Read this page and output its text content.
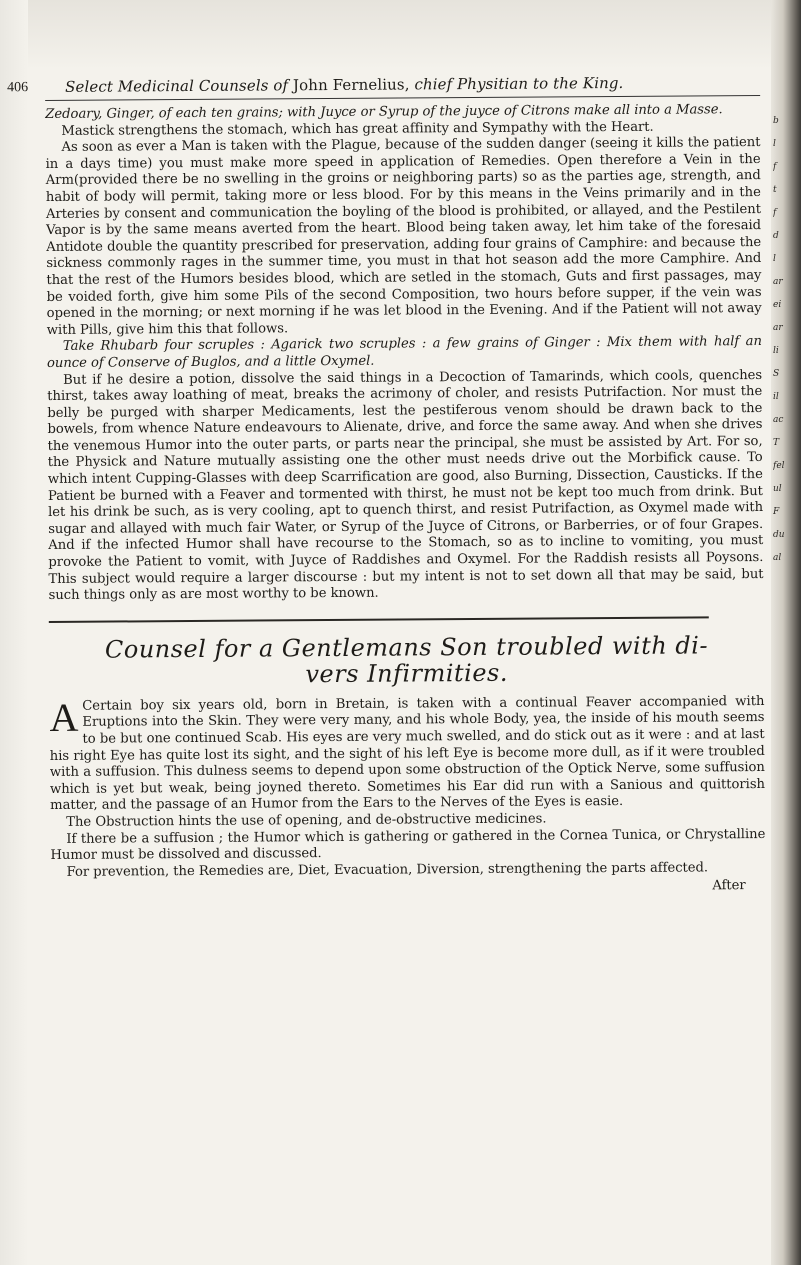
b
l
f
t
f
d
l
ar
ei
ar
li
S
il
ac
T
fel
ul
F
du
al
406 Select Medicinal Counsels of John Fernelius, chief Physitian to the King.

Zedoary, Ginger, of each ten grains; with Juyce or Syrup of the juyce of Citrons make all into a Masse.

Mastick strengthens the stomach, which has great affinity and Sympathy with the Heart.

As soon as ever a Man is taken with the Plague, because of the sudden danger (seeing it kills the patient in a days time) you must make more speed in application of Remedies. Open therefore a Vein in the Arm(provided there be no swelling in the groins or neighboring parts) so as the parties age, strength, and habit of body will permit, taking more or less blood. For by this means in the Veins primarily and in the Arteries by consent and communication the boyling of the blood is prohibited, or allayed, and the Pestilent Vapor is by the same means averted from the heart. Blood being taken away, let him take of the foresaid Antidote double the quantity prescribed for preservation, adding four grains of Camphire: and because the sickness commonly rages in the summer time, you must in that hot season add the more Camphire. And that the rest of the Humors besides blood, which are setled in the stomach, Guts and first passages, may be voided forth, give him some Pils of the second Composition, two hours before supper, if the vein was opened in the morning; or next morning if he was let blood in the Evening. And if the Patient will not away with Pills, give him this that follows.

Take Rhubarb four scruples : Agarick two scruples : a few grains of Ginger : Mix them with half an ounce of Conserve of Buglos, and a little Oxymel.

But if he desire a potion, dissolve the said things in a Decoction of Tamarinds, which cools, quenches thirst, takes away loathing of meat, breaks the acrimony of choler, and resists Putrifaction. Nor must the belly be purged with sharper Medicaments, lest the pestiferous venom should be drawn back to the bowels, from whence Nature endeavours to Alienate, drive, and force the same away. And when she drives the venemous Humor into the outer parts, or parts near the principal, she must be assisted by Art. For so, the Physick and Nature mutually assisting one the other must needs drive out the Morbifick cause. To which intent Cupping-Glasses with deep Scarrification are good, also Burning, Dissection, Causticks. If the Patient be burned with a Feaver and tormented with thirst, he must not be kept too much from drink. But let his drink be such, as is very cooling, apt to quench thirst, and resist Putrifaction, as Oxymel made with sugar and allayed with much fair Water, or Syrup of the Juyce of Citrons, or Barberries, or of four Grapes. And if the infected Humor shall have recourse to the Stomach, so as to incline to vomiting, you must provoke the Patient to vomit, with Juyce of Raddishes and Oxymel. For the Raddish resists all Poysons. This subject would require a larger discourse : but my intent is not to set down all that may be said, but such things only as are most worthy to be known.

Counsel for a Gentlemans Son troubled with di-
vers Infirmities.

A Certain boy six years old, born in Bretain, is taken with a continual Feaver accompanied with Eruptions into the Skin. They were very many, and his whole Body, yea, the inside of his mouth seems to be but one continued Scab. His eyes are very much swelled, and do stick out as it were : and at last his right Eye has quite lost its sight, and the sight of his left Eye is become more dull, as if it were troubled with a suffusion. This dulness seems to depend upon some obstruction of the Optick Nerve, some suffusion which is yet but weak, being joyned thereto. Sometimes his Ear did run with a Sanious and quittorish matter, and the passage of an Humor from the Ears to the Nerves of the Eyes is easie.

The Obstruction hints the use of opening, and de-obstructive medicines.

If there be a suffusion ; the Humor which is gathering or gathered in the Cornea Tunica, or Chrystalline Humor must be dissolved and discussed.

For prevention, the Remedies are, Diet, Evacuation, Diversion, strengthening the parts affected.

After
